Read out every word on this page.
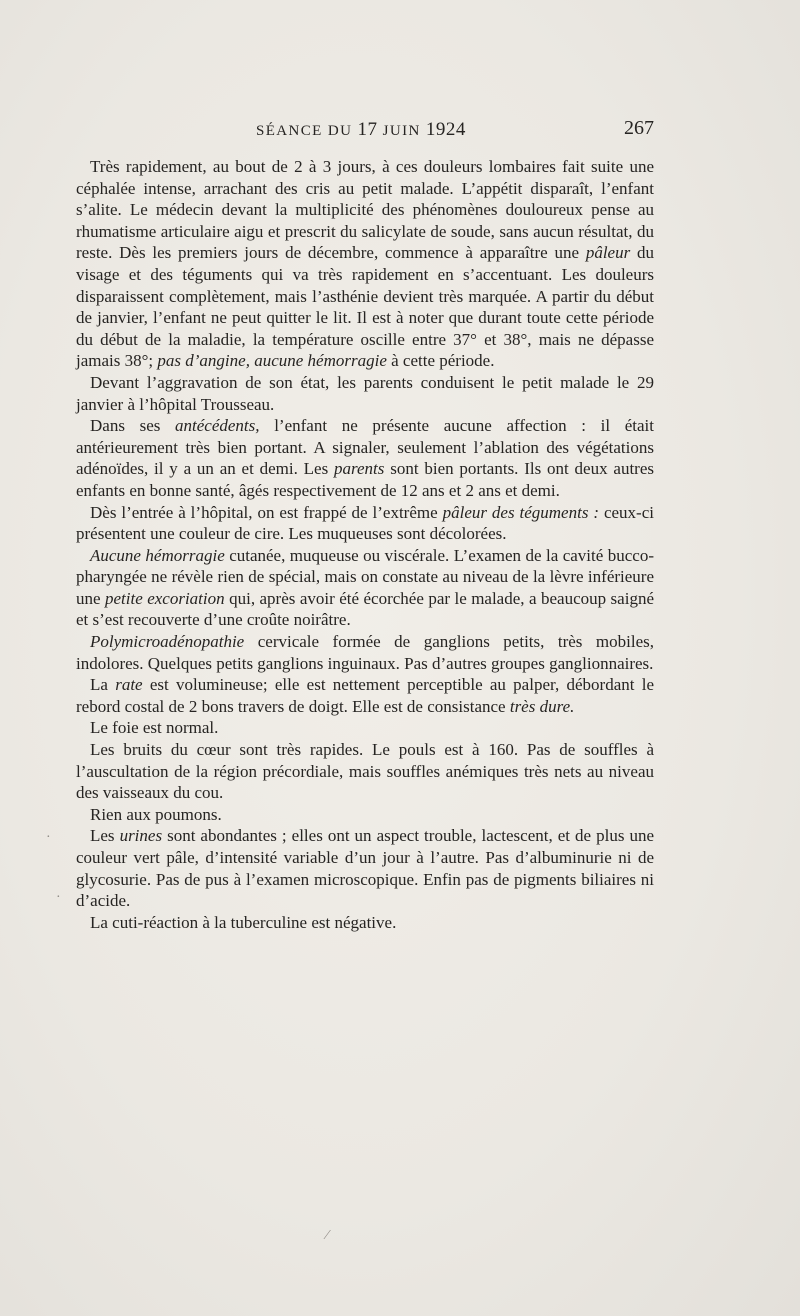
SÉANCE DU 17 JUIN 1924	267

Très rapidement, au bout de 2 à 3 jours, à ces douleurs lombaires fait suite une céphalée intense, arrachant des cris au petit malade. L’appétit disparaît, l’enfant s’alite. Le médecin devant la multiplicité des phénomènes douloureux pense au rhumatisme articulaire aigu et prescrit du salicylate de soude, sans aucun résultat, du reste. Dès les premiers jours de décembre, commence à apparaître une pâleur du visage et des téguments qui va très rapidement en s’accentuant. Les douleurs disparaissent complètement, mais l’asthénie devient très marquée. A partir du début de janvier, l’enfant ne peut quitter le lit. Il est à noter que durant toute cette période du début de la maladie, la température oscille entre 37° et 38°, mais ne dépasse jamais 38°; pas d’angine, aucune hémorragie à cette période.

Devant l’aggravation de son état, les parents conduisent le petit malade le 29 janvier à l’hôpital Trousseau.

Dans ses antécédents, l’enfant ne présente aucune affection : il était antérieurement très bien portant. A signaler, seulement l’ablation des végétations adénoïdes, il y a un an et demi. Les parents sont bien portants. Ils ont deux autres enfants en bonne santé, âgés respectivement de 12 ans et 2 ans et demi.

Dès l’entrée à l’hôpital, on est frappé de l’extrême pâleur des téguments : ceux-ci présentent une couleur de cire. Les muqueuses sont décolorées.

Aucune hémorragie cutanée, muqueuse ou viscérale. L’examen de la cavité bucco-pharyngée ne révèle rien de spécial, mais on constate au niveau de la lèvre inférieure une petite excoriation qui, après avoir été écorchée par le malade, a beaucoup saigné et s’est recouverte d’une croûte noirâtre.

Polymicroadénopathie cervicale formée de ganglions petits, très mobiles, indolores. Quelques petits ganglions inguinaux. Pas d’autres groupes ganglionnaires.

La rate est volumineuse; elle est nettement perceptible au palper, débordant le rebord costal de 2 bons travers de doigt. Elle est de consistance très dure.

Le foie est normal.

Les bruits du cœur sont très rapides. Le pouls est à 160. Pas de souffles à l’auscultation de la région précordiale, mais souffles anémiques très nets au niveau des vaisseaux du cou.

Rien aux poumons.

Les urines sont abondantes ; elles ont un aspect trouble, lactescent, et de plus une couleur vert pâle, d’intensité variable d’un jour à l’autre. Pas d’albuminurie ni de glycosurie. Pas de pus à l’examen microscopique. Enfin pas de pigments biliaires ni d’acide.

La cuti-réaction à la tuberculine est négative.

·
·
⁄
